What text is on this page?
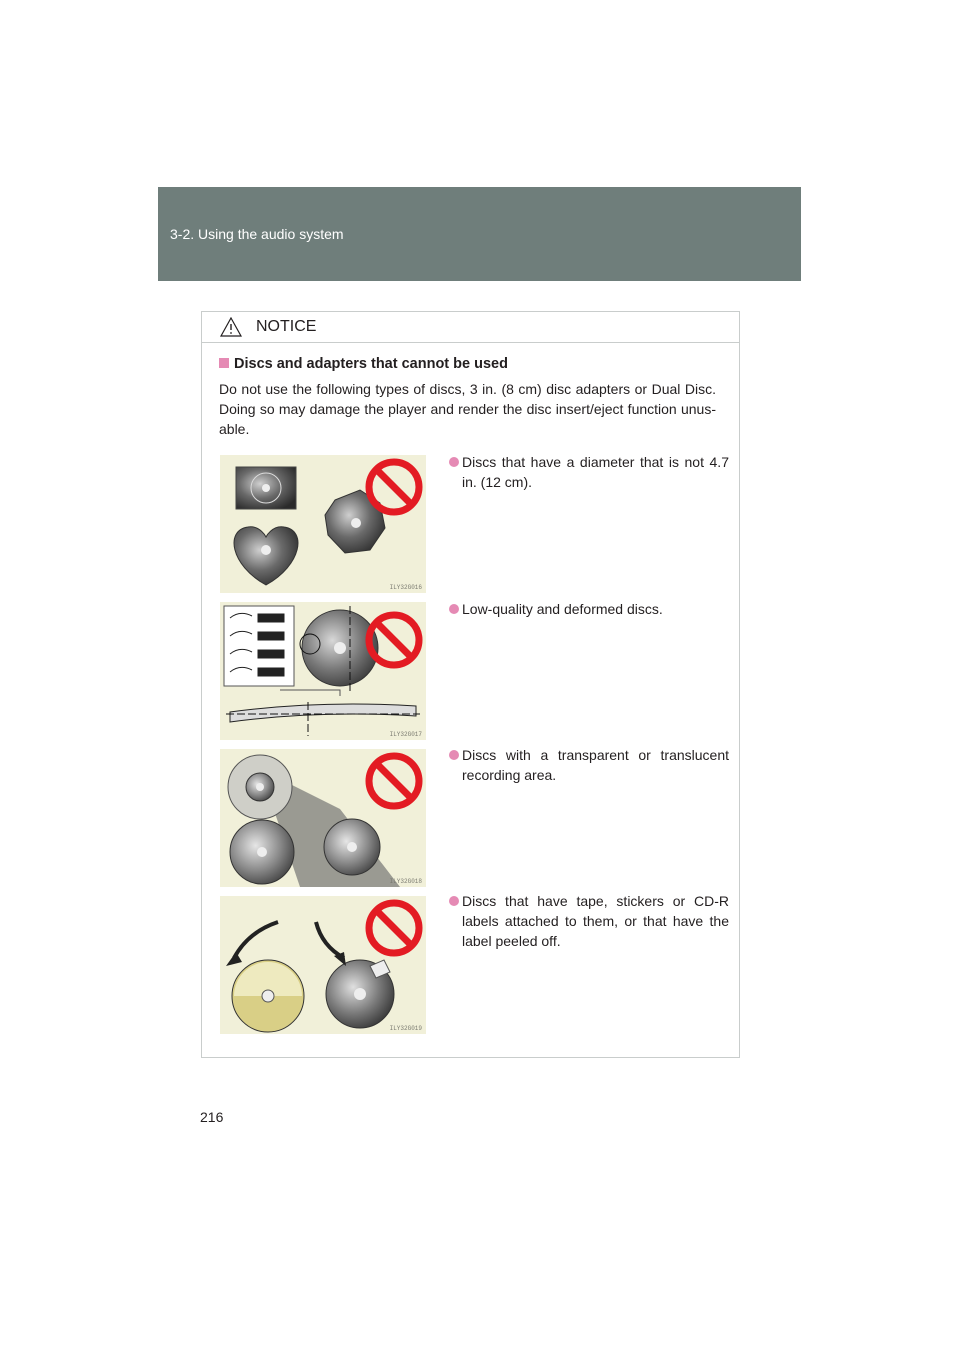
3-2. Using the audio system
NOTICE
Discs and adapters that cannot be used
Do not use the following types of discs, 3 in. (8 cm) disc adapters or Dual Disc. Doing so may damage the player and render the disc insert/eject function unus- able.
ILY32G016
ILY32G017
ILY32G018
ILY32G019
Discs that have a diameter that is not 4.7 in. (12 cm).
Low-quality and deformed discs.
Discs with a transparent or translucent recording area.
Discs that have tape, stickers or CD-R labels attached to them, or that have the label peeled off.
216
